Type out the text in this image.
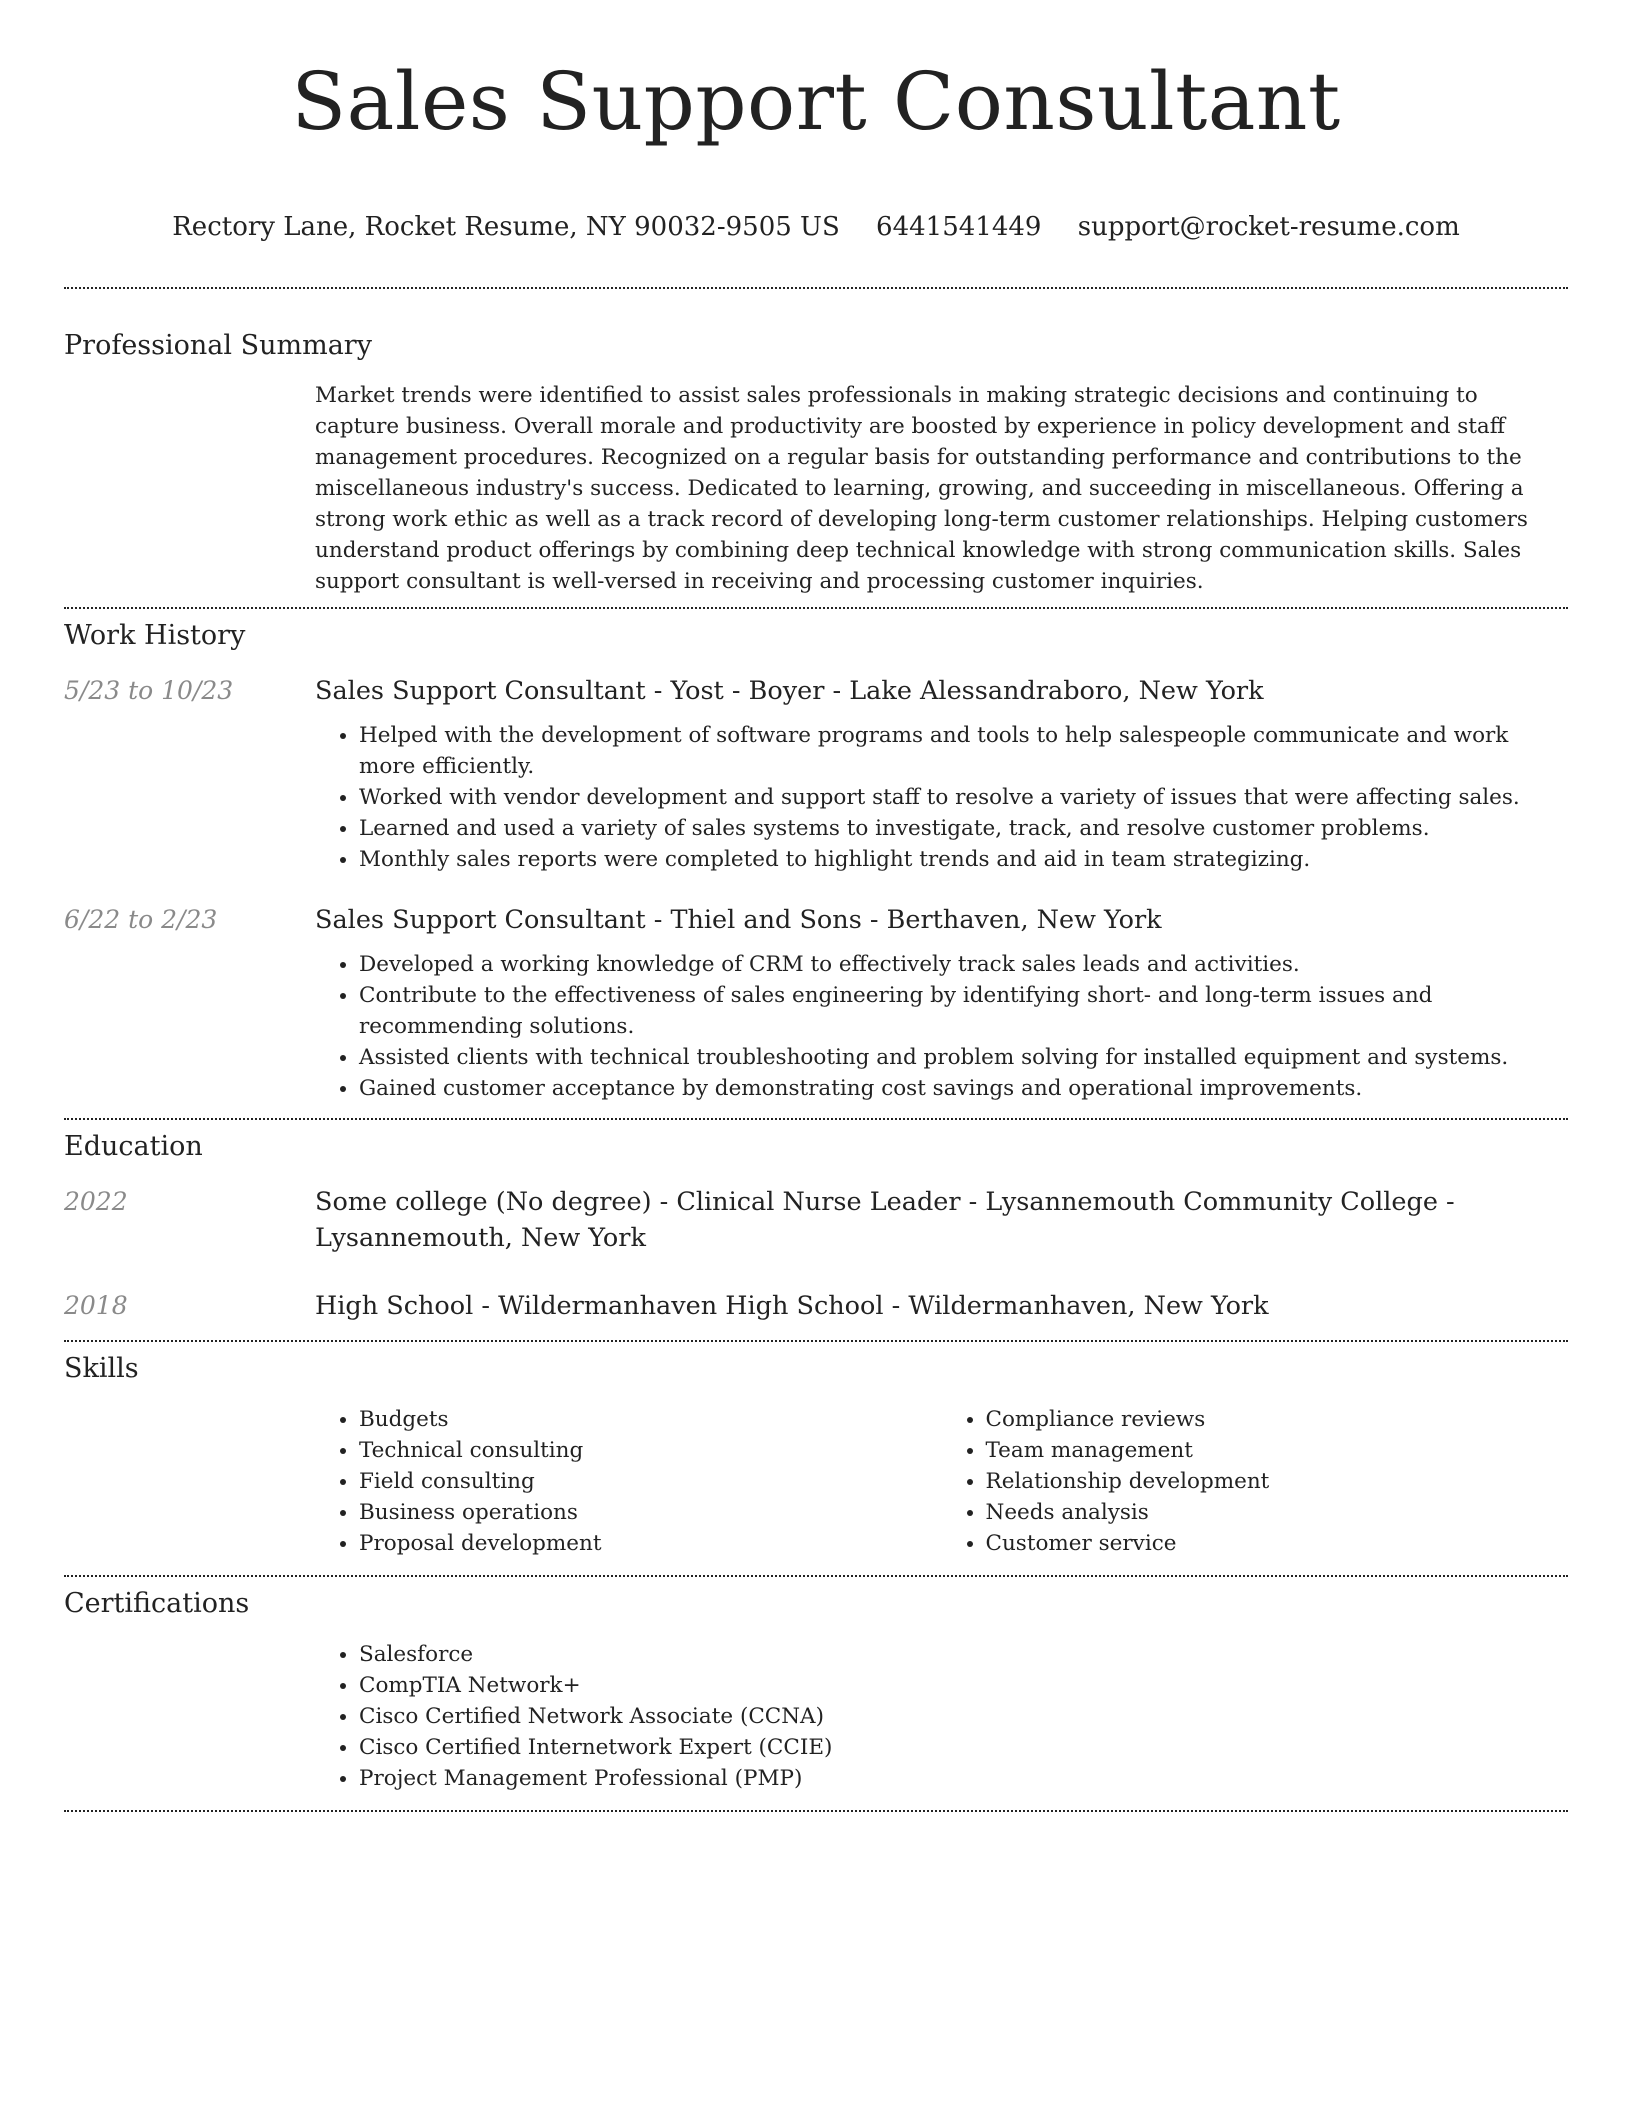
Sales Support Consultant
Rectory Lane, Rocket Resume, NY 90032-9505 US 6441541449 support@rocket-resume.com
Professional Summary

Market trends were identified to assist sales professionals in making strategic decisions and continuing to capture business. Overall morale and productivity are boosted by experience in policy development and staff management procedures. Recognized on a regular basis for outstanding performance and contributions to the miscellaneous industry's success. Dedicated to learning, growing, and succeeding in miscellaneous. Offering a strong work ethic as well as a track record of developing long-term customer relationships. Helping customers understand product offerings by combining deep technical knowledge with strong communication skills. Sales support consultant is well-versed in receiving and processing customer inquiries.

Work History
5/23 to 10/23	Sales Support Consultant - Yost - Boyer - Lake Alessandraboro, New York
• Helped with the development of software programs and tools to help salespeople communicate and work more efficiently.
• Worked with vendor development and support staff to resolve a variety of issues that were affecting sales.
• Learned and used a variety of sales systems to investigate, track, and resolve customer problems.
• Monthly sales reports were completed to highlight trends and aid in team strategizing.
6/22 to 2/23	Sales Support Consultant - Thiel and Sons - Berthaven, New York
• Developed a working knowledge of CRM to effectively track sales leads and activities.
• Contribute to the effectiveness of sales engineering by identifying short- and long-term issues and recommending solutions.
• Assisted clients with technical troubleshooting and problem solving for installed equipment and systems.
• Gained customer acceptance by demonstrating cost savings and operational improvements.
Education
2022	Some college (No degree) - Clinical Nurse Leader - Lysannemouth Community College - Lysannemouth, New York
2018	High School - Wildermanhaven High School - Wildermanhaven, New York
Skills
• Budgets
• Technical consulting
• Field consulting
• Business operations
• Proposal development
• Compliance reviews
• Team management
• Relationship development
• Needs analysis
• Customer service
Certifications
• Salesforce
• CompTIA Network+
• Cisco Certified Network Associate (CCNA)
• Cisco Certified Internetwork Expert (CCIE)
• Project Management Professional (PMP)
